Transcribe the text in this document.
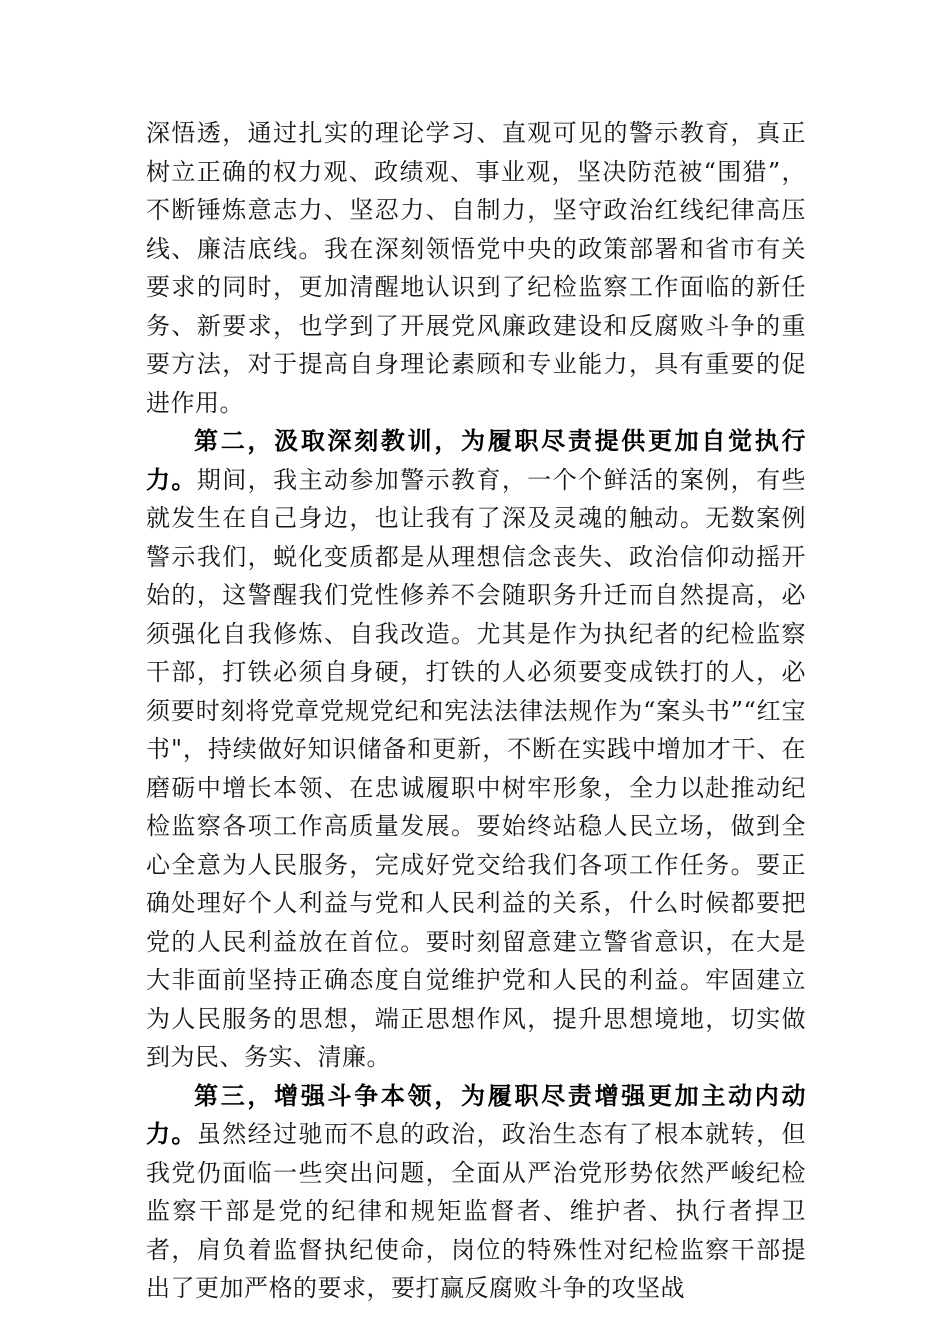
深悟透，通过扎实的理论学习、直观可见的警示教育，真正树立正确的权力观、政绩观、事业观，坚决防范被“围猎”，不断锤炼意志力、坚忍力、自制力，坚守政治红线纪律高压线、廉洁底线。我在深刻领悟党中央的政策部署和省市有关要求的同时，更加清醒地认识到了纪检监察工作面临的新任务、新要求，也学到了开展党风廉政建设和反腐败斗争的重要方法，对于提高自身理论素顾和专业能力，具有重要的促进作用。

第二，汲取深刻教训，为履职尽责提供更加自觉执行力。期间，我主动参加警示教育，一个个鲜活的案例，有些就发生在自己身边，也让我有了深及灵魂的触动。无数案例警示我们，蜕化变质都是从理想信念丧失、政治信仰动摇开始的，这警醒我们党性修养不会随职务升迁而自然提高，必须强化自我修炼、自我改造。尤其是作为执纪者的纪检监察干部，打铁必须自身硬，打铁的人必须要变成铁打的人，必须要时刻将党章党规党纪和宪法法律法规作为“案头书”“红宝书"，持续做好知识储备和更新，不断在实践中增加才干、在磨砺中增长本领、在忠诚履职中树牢形象，全力以赴推动纪检监察各项工作高质量发展。要始终站稳人民立场，做到全心全意为人民服务，完成好党交给我们各项工作任务。要正确处理好个人利益与党和人民利益的关系，什么时候都要把党的人民利益放在首位。要时刻留意建立警省意识，在大是大非面前坚持正确态度自觉维护党和人民的利益。牢固建立为人民服务的思想，端正思想作风，提升思想境地，切实做到为民、务实、清廉。

第三，增强斗争本领，为履职尽责增强更加主动内动力。虽然经过驰而不息的政治，政治生态有了根本就转，但我党仍面临一些突出问题，全面从严治党形势依然严峻纪检监察干部是党的纪律和规矩监督者、维护者、执行者捍卫者，肩负着监督执纪使命，岗位的特殊性对纪检监察干部提出了更加严格的要求，要打赢反腐败斗争的攻坚战
